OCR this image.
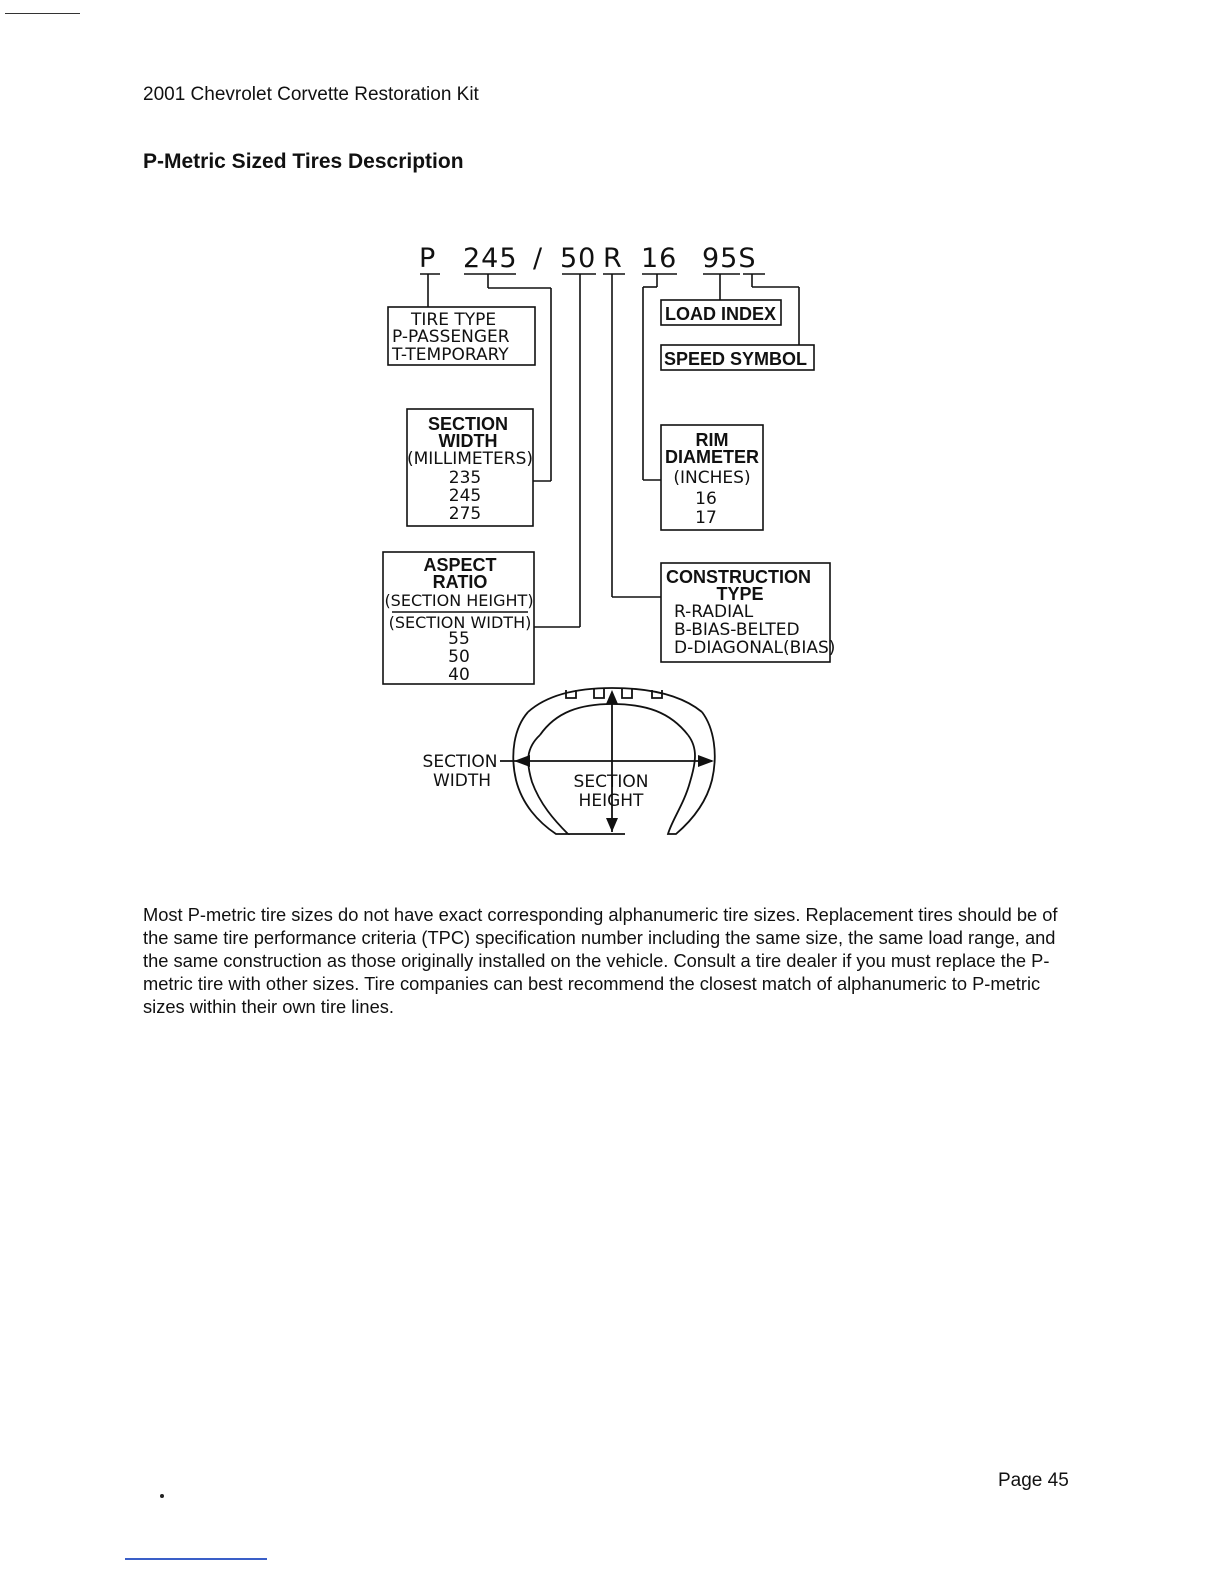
2001 Chevrolet Corvette Restoration Kit
P-Metric Sized Tires Description
P 245 / 50 R 16 95S
TIRE TYPE
P-PASSENGER
T-TEMPORARY
SECTION
WIDTH
(MILLIMETERS)
235
245
275
ASPECT
RATIO
(SECTION HEIGHT)
(SECTION WIDTH)
55
50
40
LOAD INDEX
SPEED SYMBOL
RIM
DIAMETER
(INCHES)
16
17
CONSTRUCTION
TYPE
R-RADIAL
B-BIAS-BELTED
D-DIAGONAL(BIAS)
SECTION
WIDTH	SECTION
HEIGHT
Most P-metric tire sizes do not have exact corresponding alphanumeric tire sizes. Replacement tires should be of the same tire performance criteria (TPC) specification number including the same size, the same load range, and the same construction as those originally installed on the vehicle. Consult a tire dealer if you must replace the P-metric tire with other sizes. Tire companies can best recommend the closest match of alphanumeric to P-metric sizes within their own tire lines.
Page 45
